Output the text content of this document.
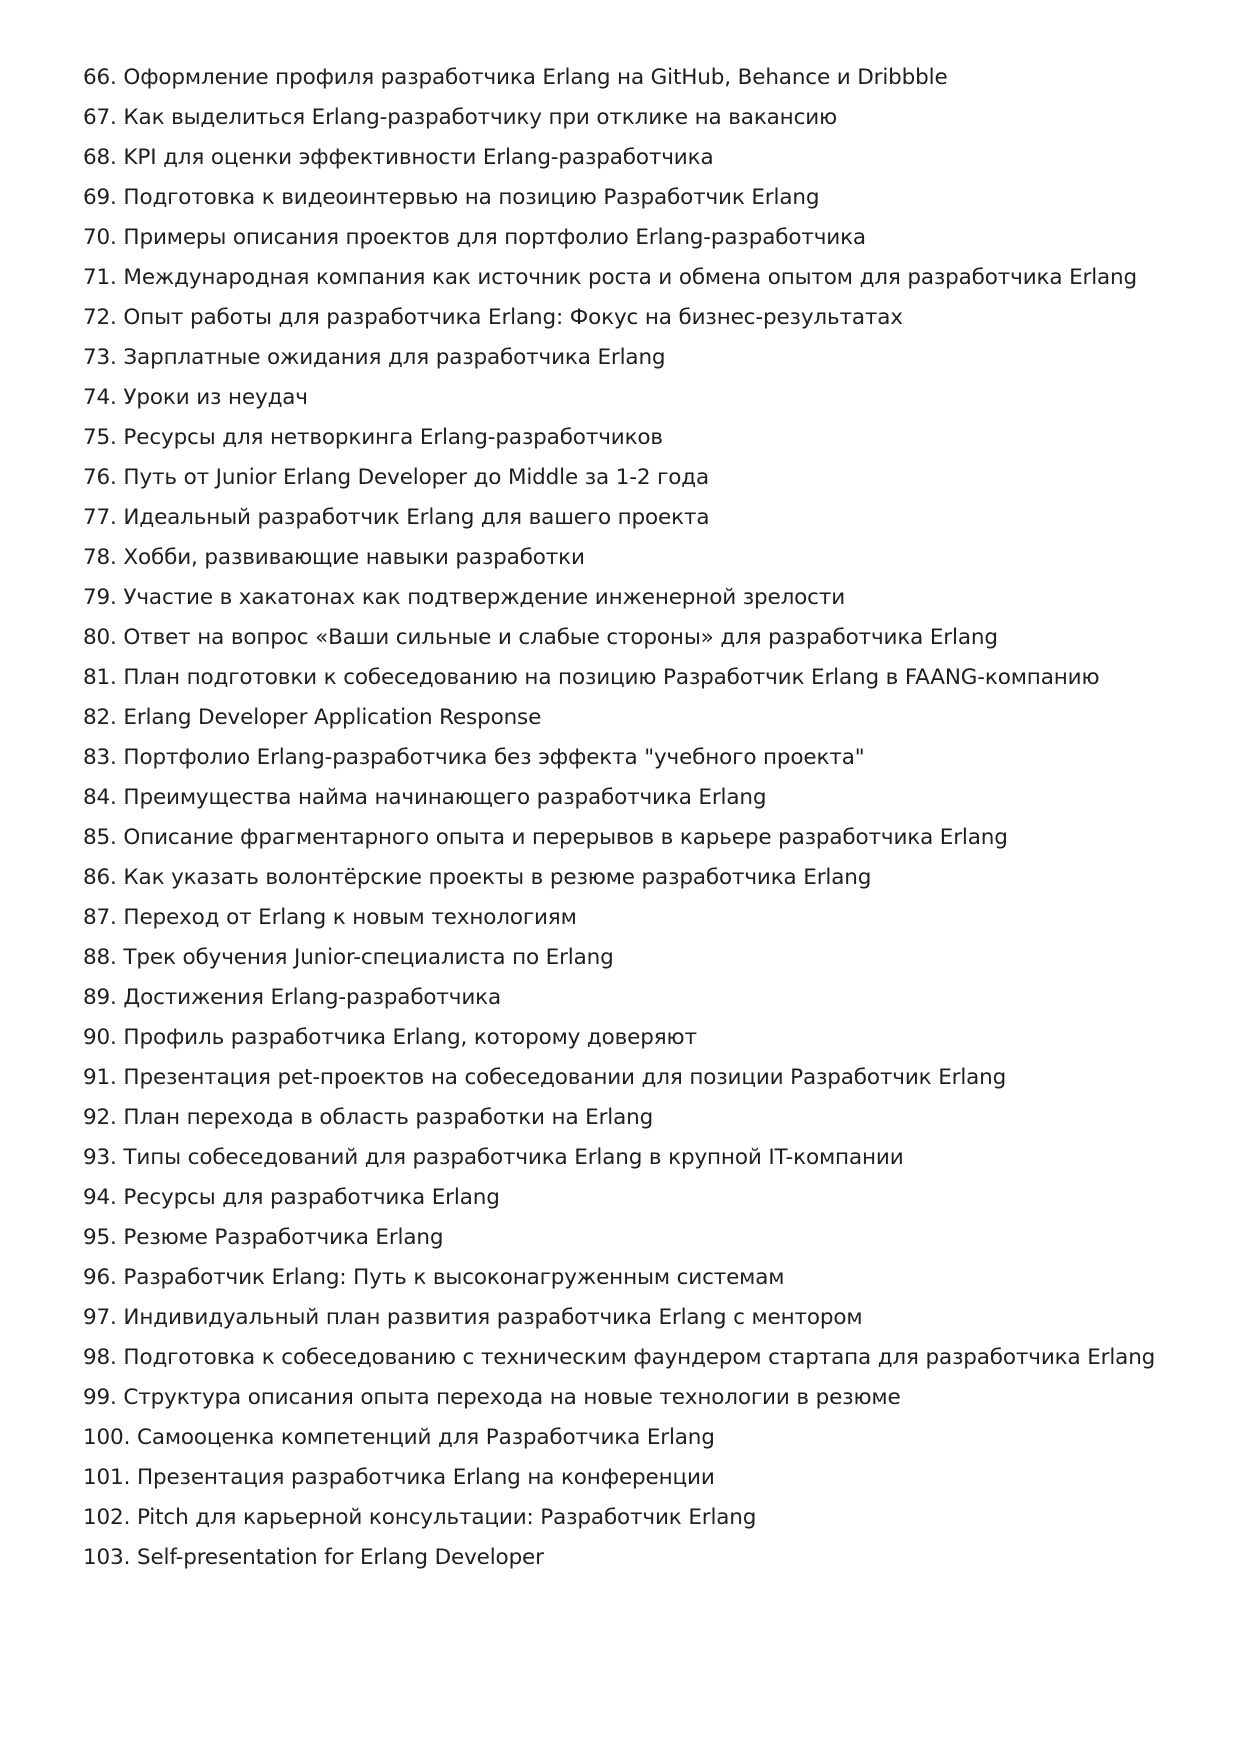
66. Оформление профиля разработчика Erlang на GitHub, Behance и Dribbble
67. Как выделиться Erlang-разработчику при отклике на вакансию
68. KPI для оценки эффективности Erlang-разработчика
69. Подготовка к видеоинтервью на позицию Разработчик Erlang
70. Примеры описания проектов для портфолио Erlang-разработчика
71. Международная компания как источник роста и обмена опытом для разработчика Erlang
72. Опыт работы для разработчика Erlang: Фокус на бизнес-результатах
73. Зарплатные ожидания для разработчика Erlang
74. Уроки из неудач
75. Ресурсы для нетворкинга Erlang-разработчиков
76. Путь от Junior Erlang Developer до Middle за 1-2 года
77. Идеальный разработчик Erlang для вашего проекта
78. Хобби, развивающие навыки разработки
79. Участие в хакатонах как подтверждение инженерной зрелости
80. Ответ на вопрос «Ваши сильные и слабые стороны» для разработчика Erlang
81. План подготовки к собеседованию на позицию Разработчик Erlang в FAANG-компанию
82. Erlang Developer Application Response
83. Портфолио Erlang-разработчика без эффекта "учебного проекта"
84. Преимущества найма начинающего разработчика Erlang
85. Описание фрагментарного опыта и перерывов в карьере разработчика Erlang
86. Как указать волонтёрские проекты в резюме разработчика Erlang
87. Переход от Erlang к новым технологиям
88. Трек обучения Junior-специалиста по Erlang
89. Достижения Erlang-разработчика
90. Профиль разработчика Erlang, которому доверяют
91. Презентация pet-проектов на собеседовании для позиции Разработчик Erlang
92. План перехода в область разработки на Erlang
93. Типы собеседований для разработчика Erlang в крупной IT-компании
94. Ресурсы для разработчика Erlang
95. Резюме Разработчика Erlang
96. Разработчик Erlang: Путь к высоконагруженным системам
97. Индивидуальный план развития разработчика Erlang с ментором
98. Подготовка к собеседованию с техническим фаундером стартапа для разработчика Erlang
99. Структура описания опыта перехода на новые технологии в резюме
100. Самооценка компетенций для Разработчика Erlang
101. Презентация разработчика Erlang на конференции
102. Pitch для карьерной консультации: Разработчик Erlang
103. Self-presentation for Erlang Developer
